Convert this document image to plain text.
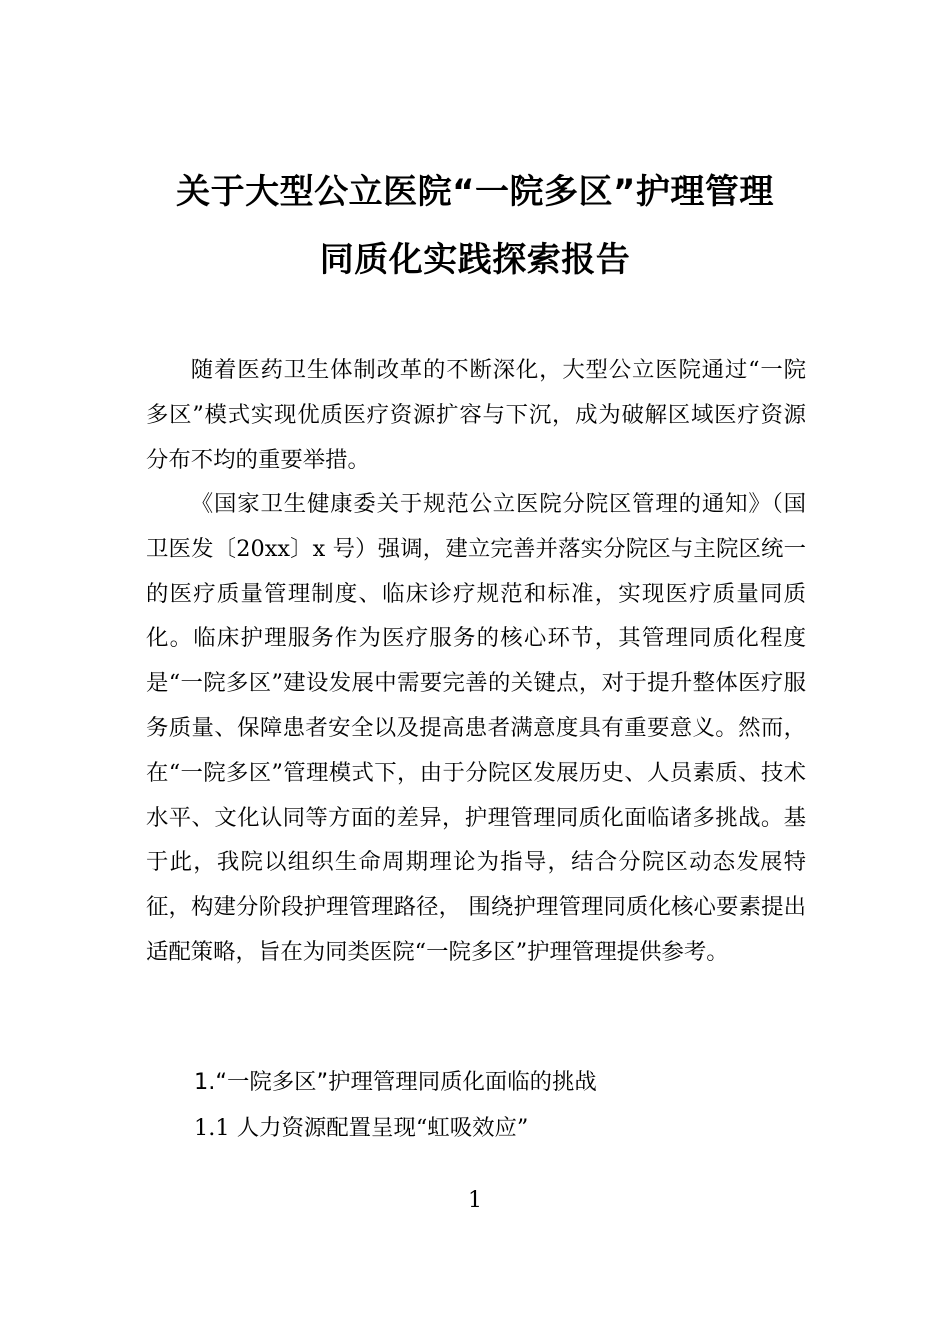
关于大型公立医院“一院多区”护理管理
同质化实践探索报告

随着医药卫生体制改革的不断深化，大型公立医院通过“一院多区”模式实现优质医疗资源扩容与下沉，成为破解区域医疗资源分布不均的重要举措。

《国家卫生健康委关于规范公立医院分院区管理的通知》（国卫医发〔20xx〕x 号）强调，建立完善并落实分院区与主院区统一的医疗质量管理制度、临床诊疗规范和标准，实现医疗质量同质化。临床护理服务作为医疗服务的核心环节，其管理同质化程度是“一院多区”建设发展中需要完善的关键点，对于提升整体医疗服务质量、保障患者安全以及提高患者满意度具有重要意义。然而， 在“一院多区”管理模式下，由于分院区发展历史、人员素质、技术水平、文化认同等方面的差异，护理管理同质化面临诸多挑战。基于此，我院以组织生命周期理论为指导，结合分院区动态发展特征，构建分阶段护理管理路径， 围绕护理管理同质化核心要素提出适配策略，旨在为同类医院“一院多区”护理管理提供参考。

1.“一院多区”护理管理同质化面临的挑战
1.1 人力资源配置呈现“虹吸效应”
1
